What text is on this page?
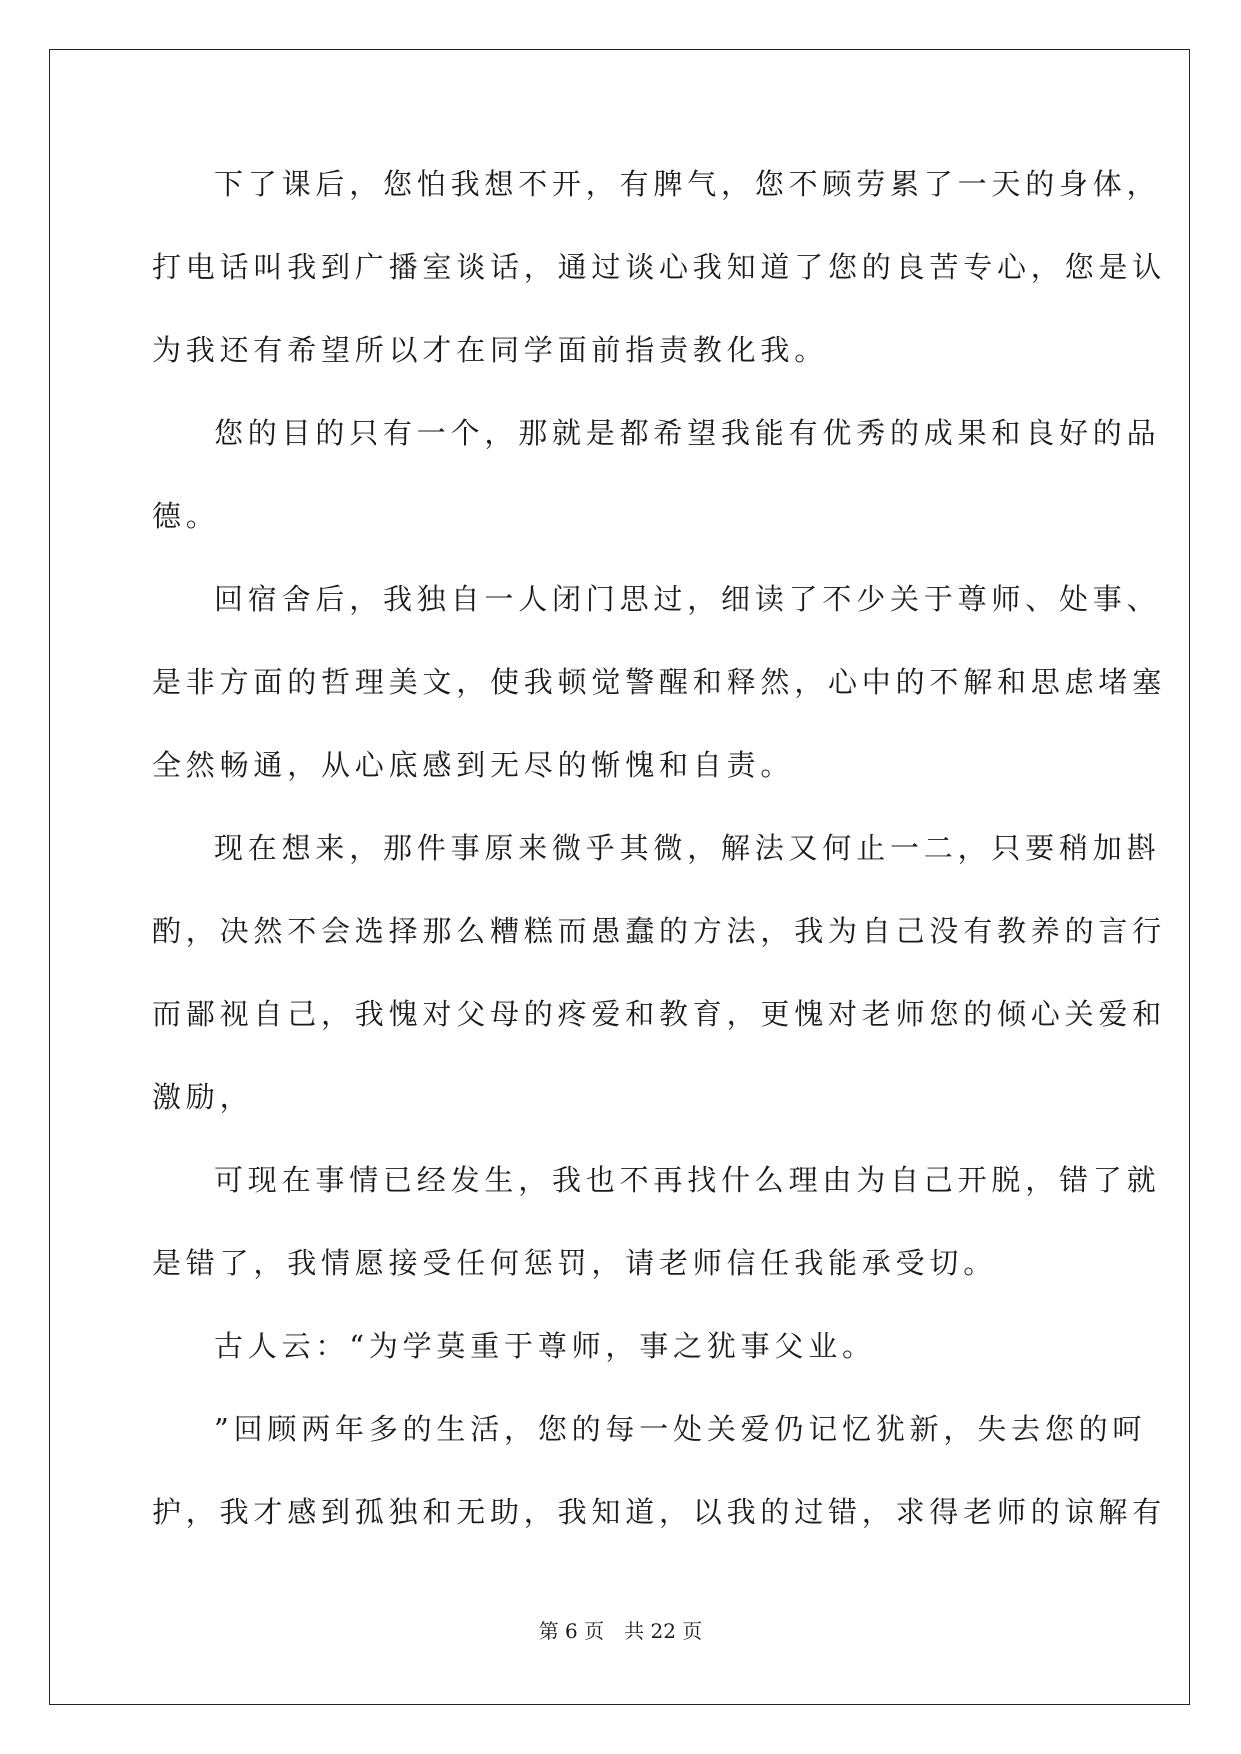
下了课后，您怕我想不开，有脾气，您不顾劳累了一天的身体，
打电话叫我到广播室谈话，通过谈心我知道了您的良苦专心，您是认
为我还有希望所以才在同学面前指责教化我。
您的目的只有一个，那就是都希望我能有优秀的成果和良好的品
德。
回宿舍后，我独自一人闭门思过，细读了不少关于尊师、处事、
是非方面的哲理美文，使我顿觉警醒和释然，心中的不解和思虑堵塞
全然畅通，从心底感到无尽的惭愧和自责。
现在想来，那件事原来微乎其微，解法又何止一二，只要稍加斟
酌，决然不会选择那么糟糕而愚蠢的方法，我为自己没有教养的言行
而鄙视自己，我愧对父母的疼爱和教育，更愧对老师您的倾心关爱和
激励，
可现在事情已经发生，我也不再找什么理由为自己开脱，错了就
是错了，我情愿接受任何惩罚，请老师信任我能承受切。
古人云：“为学莫重于尊师，事之犹事父业。
”回顾两年多的生活，您的每一处关爱仍记忆犹新，失去您的呵
护，我才感到孤独和无助，我知道，以我的过错，求得老师的谅解有
第 6 页 共 22 页
